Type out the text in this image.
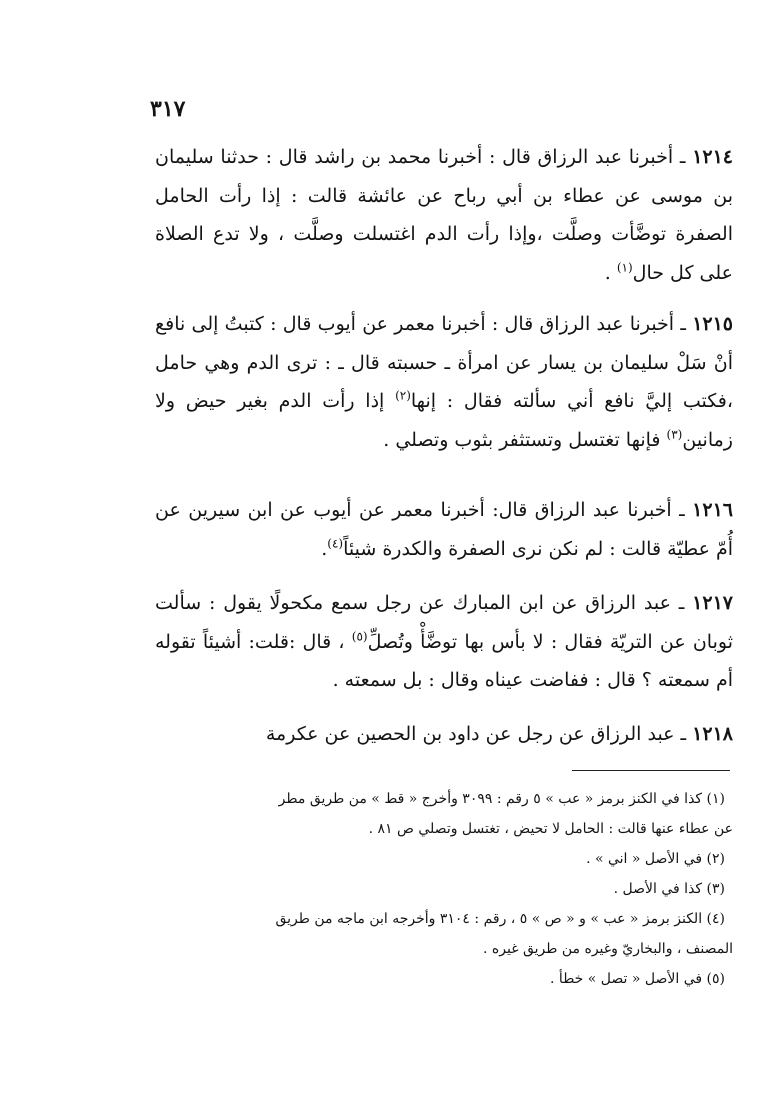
٣١٧

١٢١٤ ـ أخبرنا عبد الرزاق قال : أخبرنا محمد بن راشد قال : حدثنا سليمان بن موسى عن عطاء بن أبي رباح عن عائشة قالت : إذا رأت الحامل الصفرة توضَّأت وصلَّت ،وإذا رأت الدم اغتسلت وصلَّت ، ولا تدع الصلاة على كل حال$^{(١)}$ .

١٢١٥ ـ أخبرنا عبد الرزاق قال : أخبرنا معمر عن أيوب قال : كتبتُ إلى نافع أنْ سَلْ سليمان بن يسار عن امرأة ـ حسبته قال ـ : ترى الدم وهي حامل ،فكتب إليَّ نافع أني سألته فقال : إنها$^{(٢)}$ إذا رأت الدم بغير حيض ولا زمانين$^{(٣)}$ فإنها تغتسل وتستثفر بثوب وتصلي .

١٢١٦ ـ أخبرنا عبد الرزاق قال: أخبرنا معمر عن أيوب عن ابن سيرين عن أُمّ عطيّة قالت : لم نكن نرى الصفرة والكدرة شيئاً$^{(٤)}$.

١٢١٧ ـ عبد الرزاق عن ابن المبارك عن رجل سمع مكحولًا يقول : سألت ثوبان عن التريّة فقال : لا بأس بها توضَّأْ وتُصلِّ$^{(٥)}$ ، قال :قلت: أشيئاً تقوله أم سمعته ؟ قال : ففاضت عيناه وقال : بل سمعته .

١٢١٨ ـ عبد الرزاق عن رجل عن داود بن الحصين عن عكرمة

(١) كذا في الكنز برمز « عب » ٥ رقم : ٣٠٩٩ وأخرج « قط » من طريق مطر

عن عطاء عنها قالت : الحامل لا تحيض ، تغتسل وتصلي ص ٨١ .

(٢) في الأصل « اني » .

(٣) كذا في الأصل .

(٤) الكنز برمز « عب » و « ص » ٥ ، رقم : ٣١٠٤ وأخرجه ابن ماجه من طريق

المصنف ، والبخاريّ وغيره من طريق غيره .

(٥) في الأصل « تصل » خطأ .
